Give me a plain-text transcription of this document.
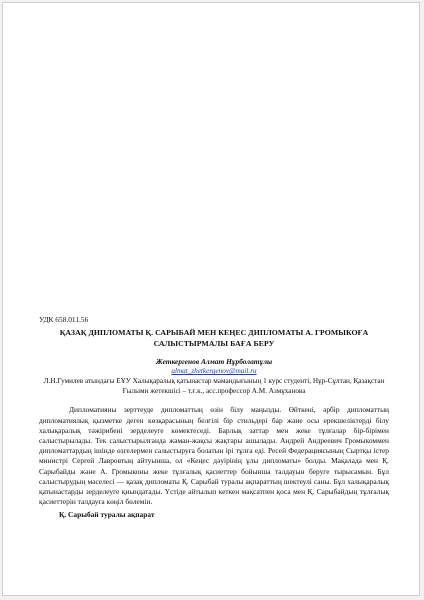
УДК 658.011.56

ҚАЗАҚ ДИПЛОМАТЫ Қ. САРЫБАЙ МЕН КЕҢЕС ДИПЛОМАТЫ А. ГРОМЫКОҒА САЛЫСТЫРМАЛЫ БАҒА БЕРУ

Жеткергенов Алмат Нұрболатұлы
almat_zhetkergenov@mail.ru
Л.Н.Гумилев атындағы ЕҰУ Халықаралық қатынастар мамандығының 1 курс студенті, Нұр-Сұлтан, Қазақстан
Ғылыми жетекшісі – т.ғ.к., асс.профессор А.М. Азмұханова

Дипломатияны зерттеуде дипломаттың өзін білу маңызды. Өйткені, әрбір дипломаттың дипломатиялық қызметке деген көзқарасының белгілі бір стильдері бар және осы ерекшеліктерді білу халықаралық тәжірибені зерделеуге көмектеседі. Барлық заттар мен жеке тұлғалар бір-бірімен салыстырылады. Тек салыстырылғанда жаман-жақсы жақтары ашылады. Андрей Андреевич Громыкоммен дипломаттардың ішінде өзгелермен салыстыруға болатын ірі тұлға еді. Ресей Федерациясының Сыртқы істер министрі Сергей Лавровтың айтуынша, ол «Кеңес дәуірінің ұлы дипломаты» болды. Мақалада мен Қ. Сарыбайды және А. Громыконы жеке тұлғалық қасиеттер бойынша талдауын беруге тырысамын. Бұл салыстырудың мәселесі — қазақ дипломаты Қ. Сарыбай туралы ақпараттың шектеулі саны. Бұл халықаралық қатынастарды зерделеуге қиындатады. Үстіде айтылып кеткен мақсатпен қоса мен Қ. Сарыбайдың тұлғалық қасиеттерін талдауға көңіл бөлемін.

Қ. Сарыбай туралы ақпарат
